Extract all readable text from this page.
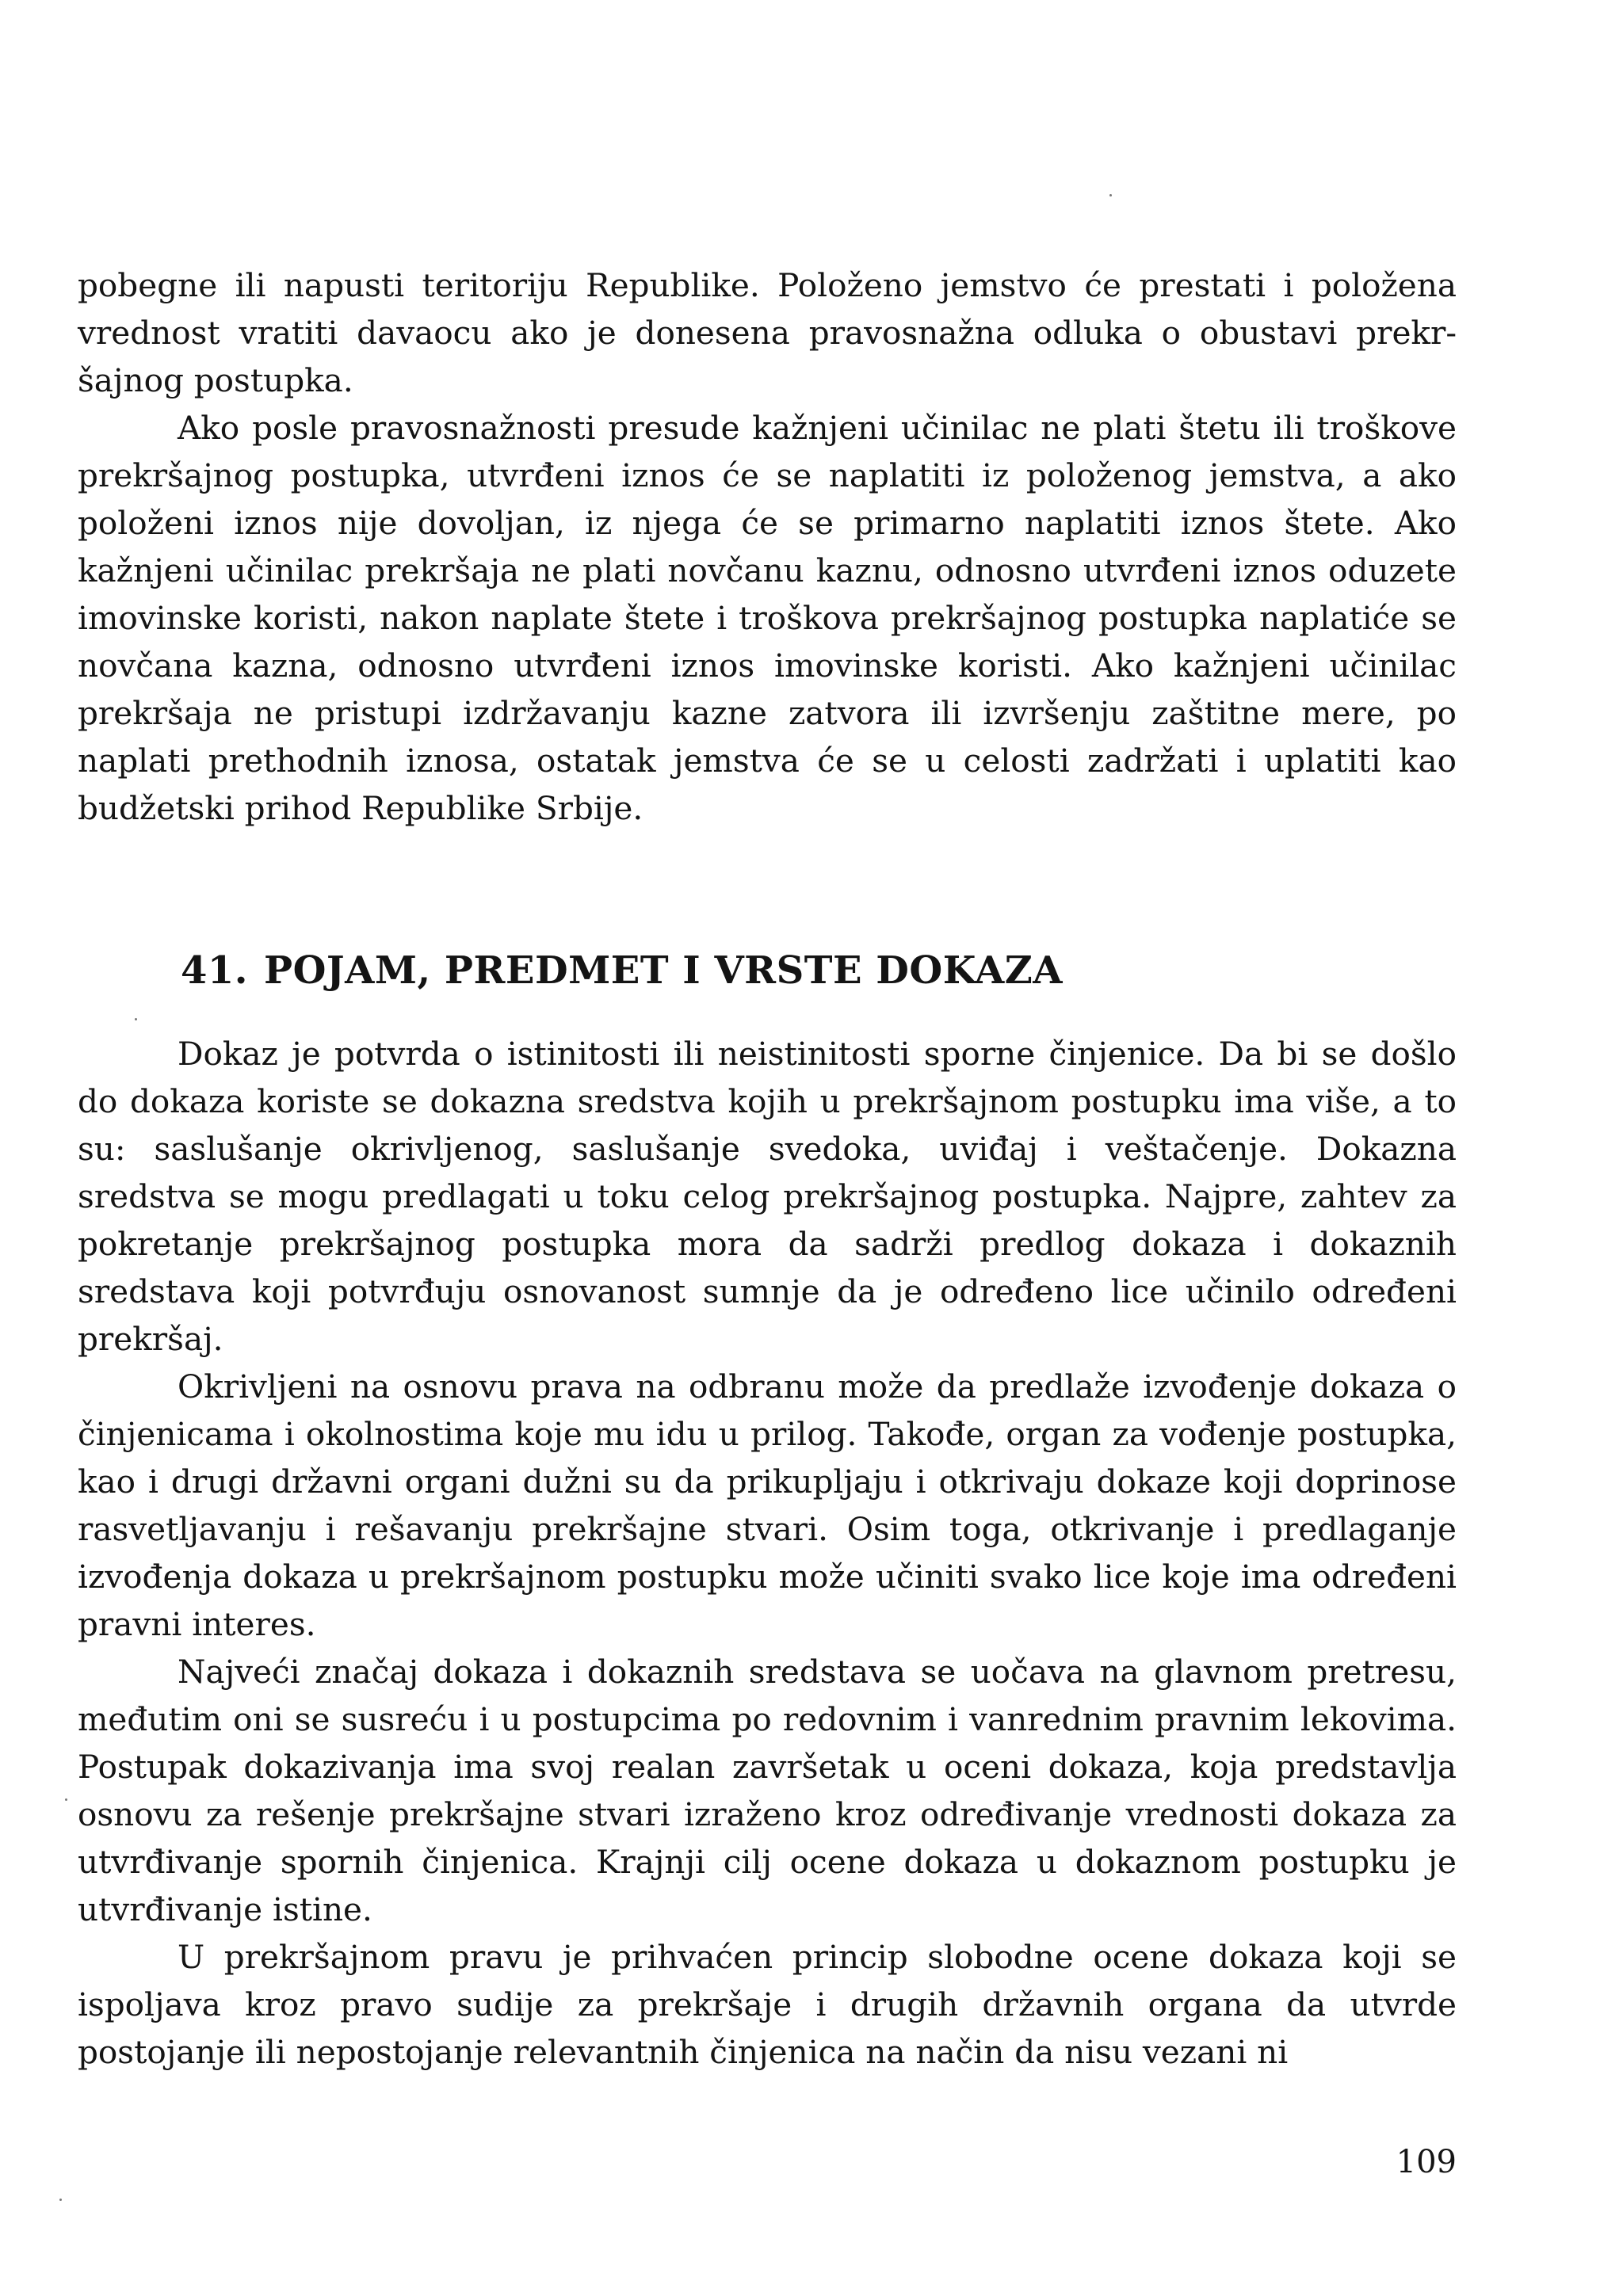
pobegne ili napusti teritoriju Republike. Položeno jemstvo će prestati i položena vrednost vratiti davaocu ako je donesena pravosnažna odluka o obustavi prekršajnog postupka.

Ako posle pravosnažnosti presude kažnjeni učinilac ne plati štetu ili troškove prekršajnog postupka, utvrđeni iznos će se naplatiti iz položenog jemstva, a ako položeni iznos nije dovoljan, iz njega će se primarno naplatiti iznos štete. Ako kažnjeni učinilac prekršaja ne plati novčanu kaznu, odnosno utvrđeni iznos oduzete imovinske koristi, nakon naplate štete i troškova prekršajnog postupka naplatiće se novčana kazna, odnosno utvrđeni iznos imovinske koristi. Ako kažnjeni učinilac prekršaja ne pristupi izdržavanju kazne zatvora ili izvršenju zaštitne mere, po naplati prethodnih iznosa, ostatak jemstva će se u celosti zadržati i uplatiti kao budžetski prihod Republike Srbije.

41. POJAM, PREDMET I VRSTE DOKAZA

Dokaz je potvrda o istinitosti ili neistinitosti sporne činjenice. Da bi se došlo do dokaza koriste se dokazna sredstva kojih u prekršajnom postupku ima više, a to su: saslušanje okrivljenog, saslušanje svedoka, uviđaj i veštačenje. Dokazna sredstva se mogu predlagati u toku celog prekršajnog postupka. Najpre, zahtev za pokretanje prekršajnog postupka mora da sadrži predlog dokaza i dokaznih sredstava koji potvrđuju osnovanost sumnje da je određeno lice učinilo određeni prekršaj.

Okrivljeni na osnovu prava na odbranu može da predlaže izvođenje dokaza o činjenicama i okolnostima koje mu idu u prilog. Takođe, organ za vođenje postupka, kao i drugi državni organi dužni su da prikupljaju i otkrivaju dokaze koji doprinose rasvetljavanju i rešavanju prekršajne stvari. Osim toga, otkrivanje i predlaganje izvođenja dokaza u prekršajnom postupku može učiniti svako lice koje ima određeni pravni interes.

Najveći značaj dokaza i dokaznih sredstava se uočava na glavnom pretresu, međutim oni se susreću i u postupcima po redovnim i vanrednim pravnim lekovima. Postupak dokazivanja ima svoj realan završetak u oceni dokaza, koja predstavlja osnovu za rešenje prekršajne stvari izraženo kroz određivanje vrednosti dokaza za utvrđivanje spornih činjenica. Krajnji cilj ocene dokaza u dokaznom postupku je utvrđivanje istine.

U prekršajnom pravu je prihvaćen princip slobodne ocene dokaza koji se ispoljava kroz pravo sudije za prekršaje i drugih državnih organa da utvrde postojanje ili nepostojanje relevantnih činjenica na način da nisu vezani ni

109
